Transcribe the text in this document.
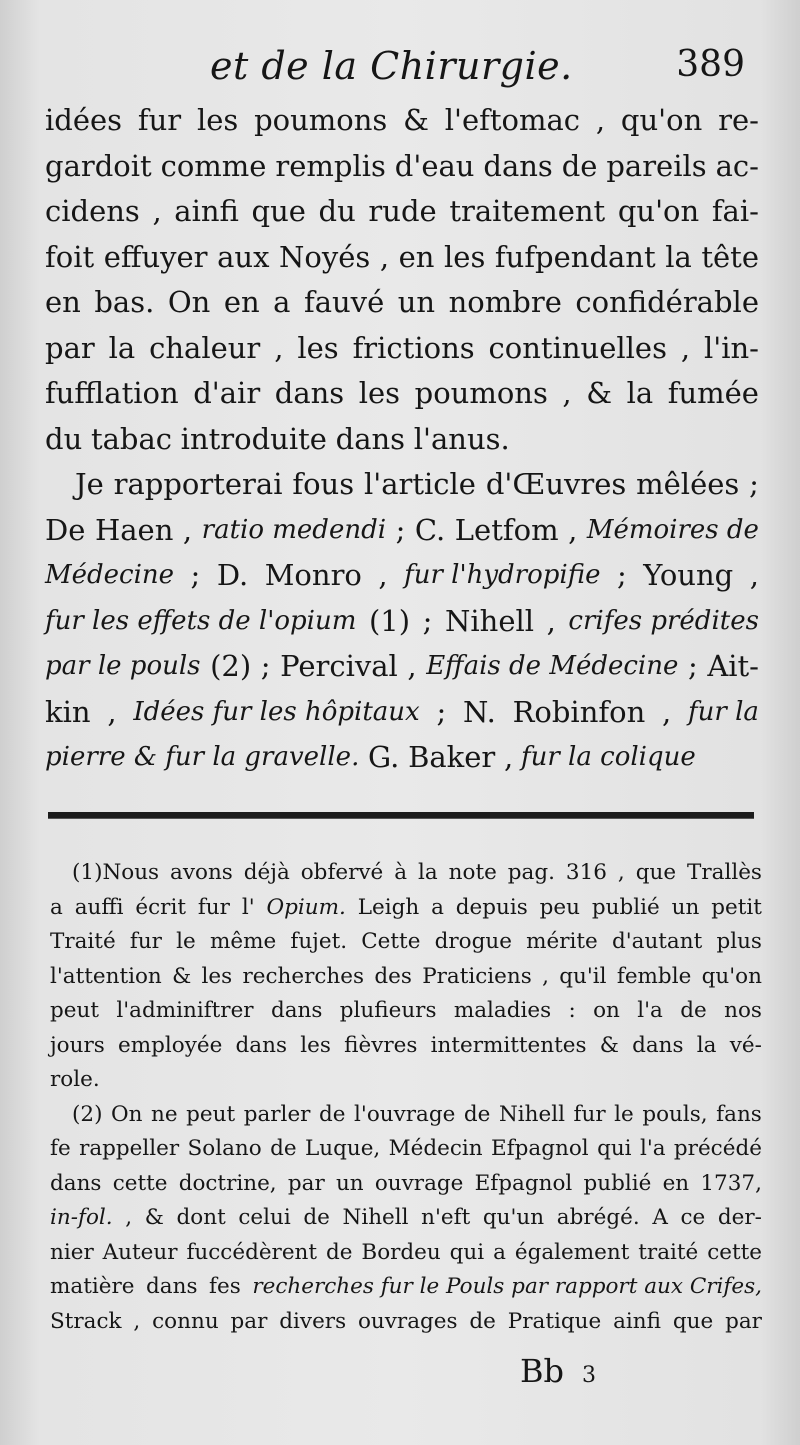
et de la Chirurgie.	389
idées fur les poumons & l'eftomac , qu'on re-
gardoit comme remplis d'eau dans de pareils ac-
cidens , ainfi que du rude traitement qu'on fai-
foit effuyer aux Noyés , en les fufpendant la tête
en bas. On en a fauvé un nombre confidérable
par la chaleur , les frictions continuelles , l'in-
fufflation d'air dans les poumons , & la fumée
du tabac introduite dans l'anus.
Je rapporterai fous l'article d'Œuvres mêlées ;
De Haen , ratio medendi ; C. Letfom , Mémoires de
Médecine ; D. Monro , fur l'hydropifie ; Young ,
fur les effets de l'opium (1) ; Nihell , crifes prédites
par le pouls (2) ; Percival , Effais de Médecine ; Ait-
kin , Idées fur les hôpitaux ; N. Robinfon , fur la
pierre & fur la gravelle. G. Baker , fur la colique
(1)Nous avons déjà obfervé à la note pag. 316 , que Trallès
a auffi écrit fur l' Opium. Leigh a depuis peu publié un petit
Traité fur le même fujet. Cette drogue mérite d'autant plus
l'attention & les recherches des Praticiens , qu'il femble qu'on
peut l'adminiftrer dans plufieurs maladies : on l'a de nos
jours employée dans les fièvres intermittentes & dans la vé-
role.
(2) On ne peut parler de l'ouvrage de Nihell fur le pouls, fans
fe rappeller Solano de Luque, Médecin Efpagnol qui l'a précédé
dans cette doctrine, par un ouvrage Efpagnol publié en 1737,
in-fol. , & dont celui de Nihell n'eft qu'un abrégé. A ce der-
nier Auteur fuccédèrent de Bordeu qui a également traité cette
matière dans fes recherches fur le Pouls par rapport aux Crifes,
Strack , connu par divers ouvrages de Pratique ainfi que par
Bb 3
